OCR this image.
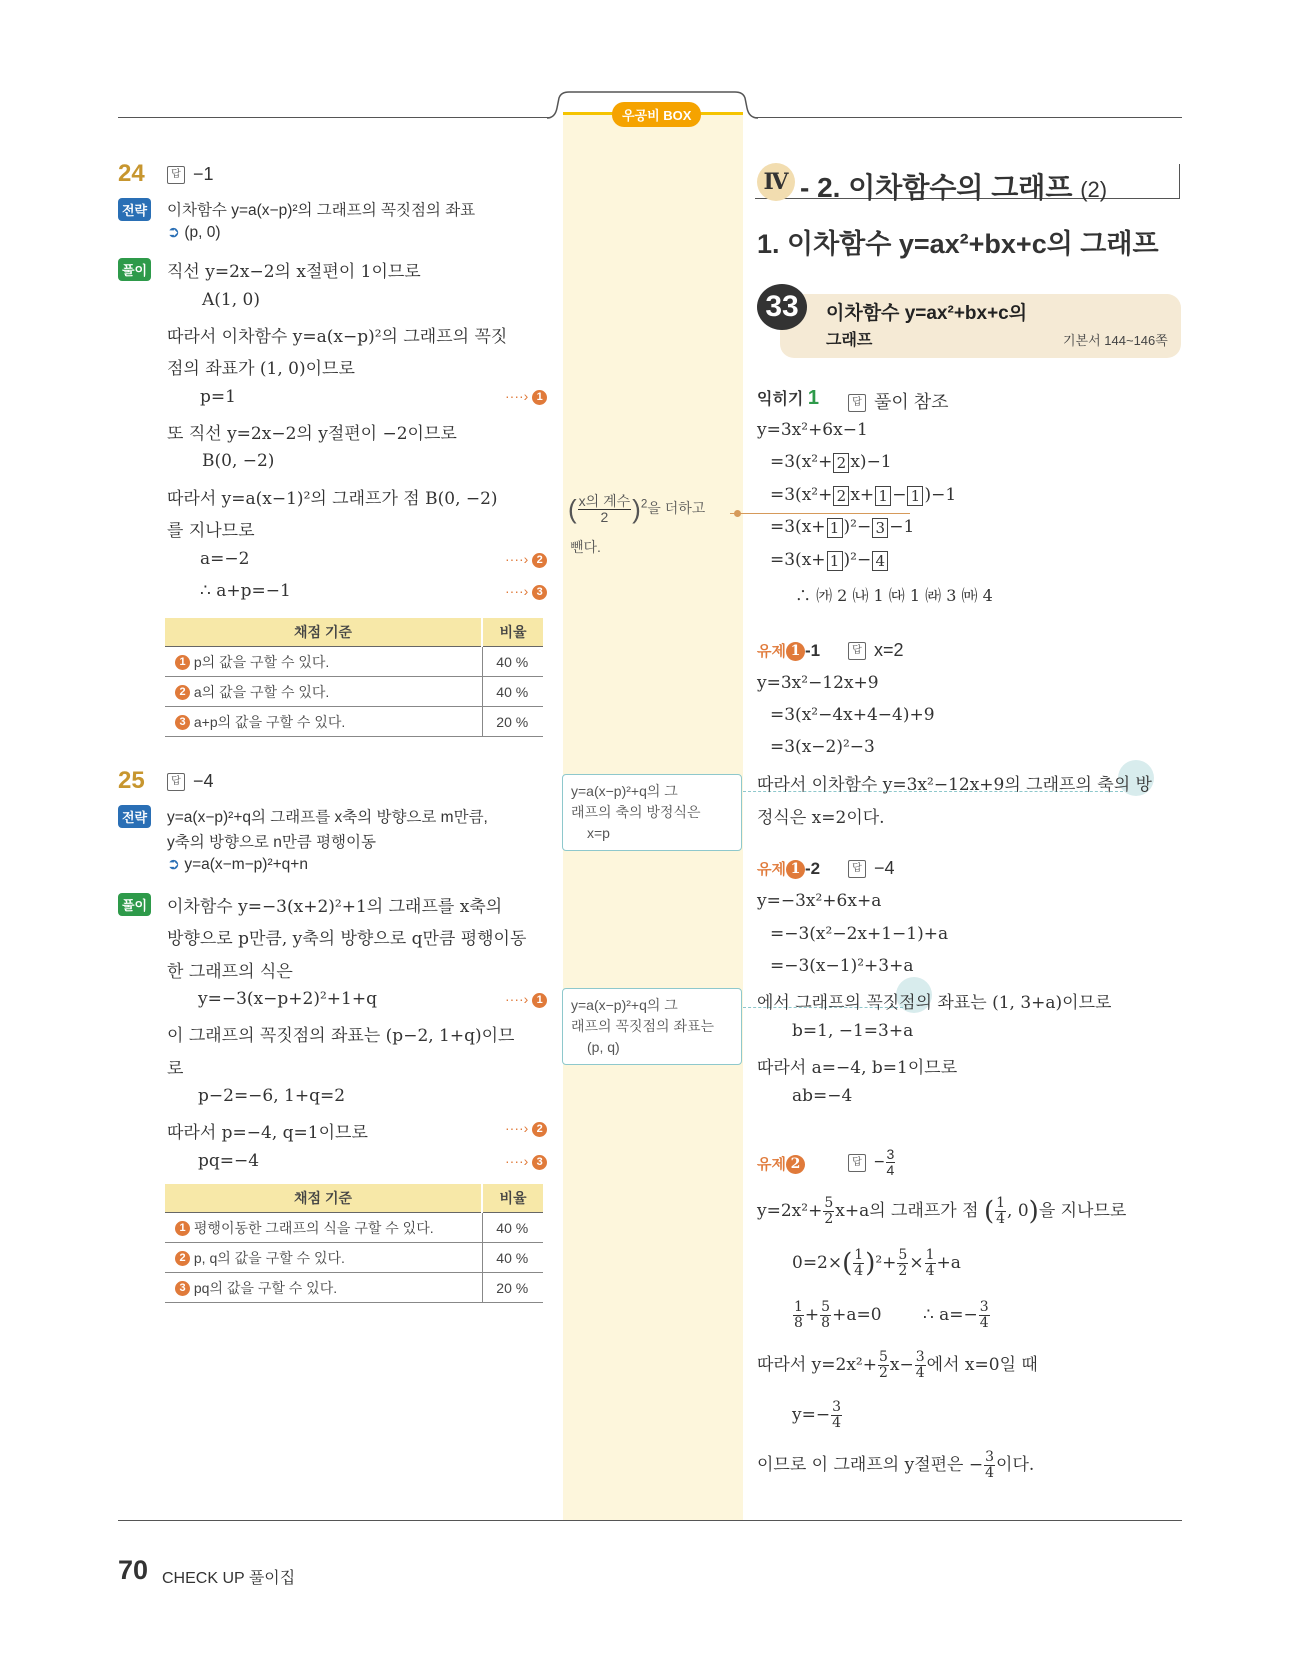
우공비 BOX
24	답 −1
전략 이차함수 y=a(x−p)²의 그래프의 꼭짓점의 좌표
➲ (p, 0)
풀이 직선 y=2x−2의 x절편이 1이므로
A(1, 0)
따라서 이차함수 y=a(x−p)²의 그래프의 꼭짓
점의 좌표가 (1, 0)이므로
p=1	····› 1
또 직선 y=2x−2의 y절편이 −2이므로
B(0, −2)
따라서 y=a(x−1)²의 그래프가 점 B(0, −2)
를 지나므로
a=−2	····› 2
∴ a+p=−1	····› 3
채점 기준	비율
1 p의 값을 구할 수 있다.	40 %
2 a의 값을 구할 수 있다.	40 %
3 a+p의 값을 구할 수 있다.	20 %
25	답 −4
전략 y=a(x−p)²+q의 그래프를 x축의 방향으로 m만큼,
y축의 방향으로 n만큼 평행이동
➲ y=a(x−m−p)²+q+n
풀이 이차함수 y=−3(x+2)²+1의 그래프를 x축의
방향으로 p만큼, y축의 방향으로 q만큼 평행이동
한 그래프의 식은
y=−3(x−p+2)²+1+q	····› 1
이 그래프의 꼭짓점의 좌표는 (p−2, 1+q)이므
로
p−2=−6, 1+q=2
따라서 p=−4, q=1이므로	····› 2
pq=−4	····› 3
채점 기준	비율
1 평행이동한 그래프의 식을 구할 수 있다.	40 %
2 p, q의 값을 구할 수 있다.	40 %
3 pq의 값을 구할 수 있다.	20 %
( $\frac{\text{x의 계수}}{2} )^2$을 더하고
뺀다.
y=a(x−p)²+q의 그
래프의 축의 방정식은
x=p
y=a(x−p)²+q의 그
래프의 꼭짓점의 좌표는
(p, q)
Ⅳ - 2. 이차함수의 그래프 (2)
1. 이차함수 y=ax²+bx+c의 그래프
33	이차함수 y=ax²+bx+c의
그래프	기본서 144~146쪽
익히기 1	답 풀이 참조
y=3x²+6x−1
=3(x²+ 2 x)−1
=3(x²+ 2 x+ 1 − 1 )−1
=3(x+ 1 )²− 3 −1
=3(x+ 1 )²− 4
∴ ㈎ 2 ㈏ 1 ㈐ 1 ㈑ 3 ㈒ 4
유제 1 -1	답 x=2
y=3x²−12x+9
=3(x²−4x+4−4)+9
=3(x−2)²−3
따라서 이차함수 y=3x²−12x+9의 그래프의 축의 방
정식은 x=2이다.
유제 1 -2	답 −4
y=−3x²+6x+a
=−3(x²−2x+1−1)+a
=−3(x−1)²+3+a
에서 그래프의 꼭짓점의 좌표는 (1, 3+a)이므로
b=1, −1=3+a
따라서 a=−4, b=1이므로
ab=−4
유제 2	답 − $\frac{3}{4}$
$y=2x^2+ \frac{5}{2} x+a$의 그래프가 점 ( $\frac{1}{4}$ , 0)을 지나므로
$0=2\times( \frac{1}{4} )^2+ \frac{5}{2} \times \frac{1}{4} +a$
$\frac{1}{8} + \frac{5}{8} +a=0$ ∴ $a=- \frac{3}{4}$
따라서 $y=2x^2+ \frac{5}{2} x- \frac{3}{4}$ 에서 x=0일 때
$y=- \frac{3}{4}$
이므로 이 그래프의 y절편은 − $\frac{3}{4}$ 이다.
70 CHECK UP 풀이집
